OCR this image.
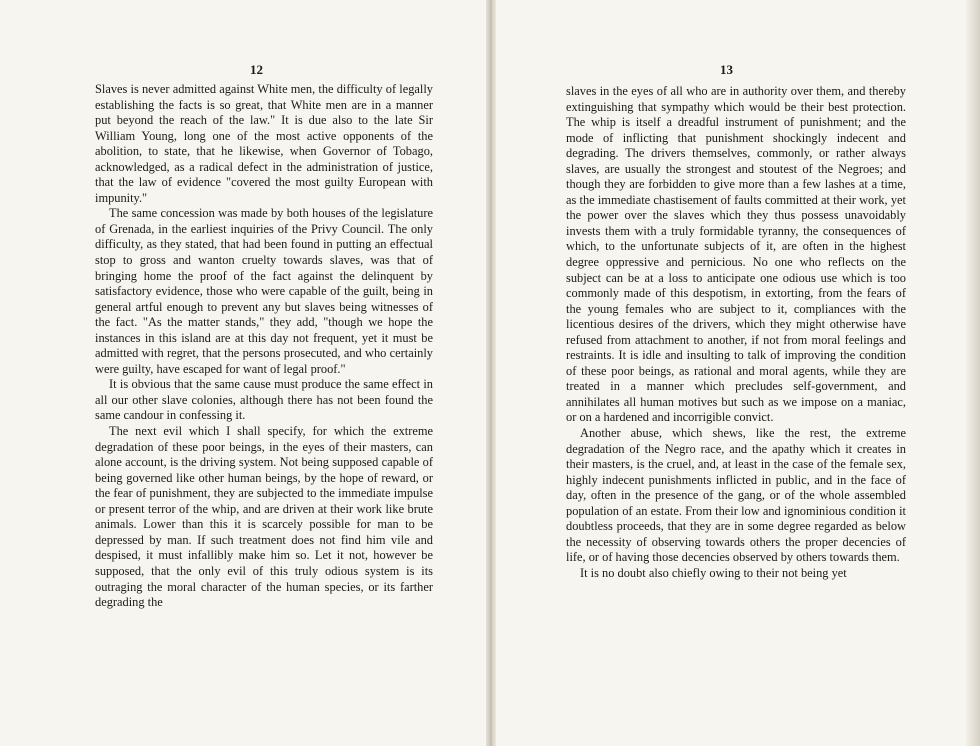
12

Slaves is never admitted against White men, the difficulty of legally establishing the facts is so great, that White men are in a manner put beyond the reach of the law." It is due also to the late Sir William Young, long one of the most active opponents of the abolition, to state, that he likewise, when Governor of Tobago, acknowledged, as a radical defect in the administration of justice, that the law of evidence "covered the most guilty European with impunity."

The same concession was made by both houses of the legislature of Grenada, in the earliest inquiries of the Privy Council. The only difficulty, as they stated, that had been found in putting an effectual stop to gross and wanton cruelty towards slaves, was that of bringing home the proof of the fact against the delinquent by satisfactory evidence, those who were capable of the guilt, being in general artful enough to prevent any but slaves being witnesses of the fact. "As the matter stands," they add, "though we hope the instances in this island are at this day not frequent, yet it must be admitted with regret, that the persons prosecuted, and who certainly were guilty, have escaped for want of legal proof."

It is obvious that the same cause must produce the same effect in all our other slave colonies, although there has not been found the same candour in confessing it.

The next evil which I shall specify, for which the extreme degradation of these poor beings, in the eyes of their masters, can alone account, is the driving system. Not being supposed capable of being governed like other human beings, by the hope of reward, or the fear of punishment, they are subjected to the immediate impulse or present terror of the whip, and are driven at their work like brute animals. Lower than this it is scarcely possible for man to be depressed by man. If such treatment does not find him vile and despised, it must infallibly make him so. Let it not, however be supposed, that the only evil of this truly odious system is its outraging the moral character of the human species, or its farther degrading the

13

slaves in the eyes of all who are in authority over them, and thereby extinguishing that sympathy which would be their best protection. The whip is itself a dreadful instrument of punishment; and the mode of inflicting that punishment shockingly indecent and degrading. The drivers themselves, commonly, or rather always slaves, are usually the strongest and stoutest of the Negroes; and though they are forbidden to give more than a few lashes at a time, as the immediate chastisement of faults committed at their work, yet the power over the slaves which they thus possess unavoidably invests them with a truly formidable tyranny, the consequences of which, to the unfortunate subjects of it, are often in the highest degree oppressive and pernicious. No one who reflects on the subject can be at a loss to anticipate one odious use which is too commonly made of this despotism, in extorting, from the fears of the young females who are subject to it, compliances with the licentious desires of the drivers, which they might otherwise have refused from attachment to another, if not from moral feelings and restraints. It is idle and insulting to talk of improving the condition of these poor beings, as rational and moral agents, while they are treated in a manner which precludes self-government, and annihilates all human motives but such as we impose on a maniac, or on a hardened and incorrigible convict.

Another abuse, which shews, like the rest, the extreme degradation of the Negro race, and the apathy which it creates in their masters, is the cruel, and, at least in the case of the female sex, highly indecent punishments inflicted in public, and in the face of day, often in the presence of the gang, or of the whole assembled population of an estate. From their low and ignominious condition it doubtless proceeds, that they are in some degree regarded as below the necessity of observing towards others the proper decencies of life, or of having those decencies observed by others towards them.

It is no doubt also chiefly owing to their not being yet
